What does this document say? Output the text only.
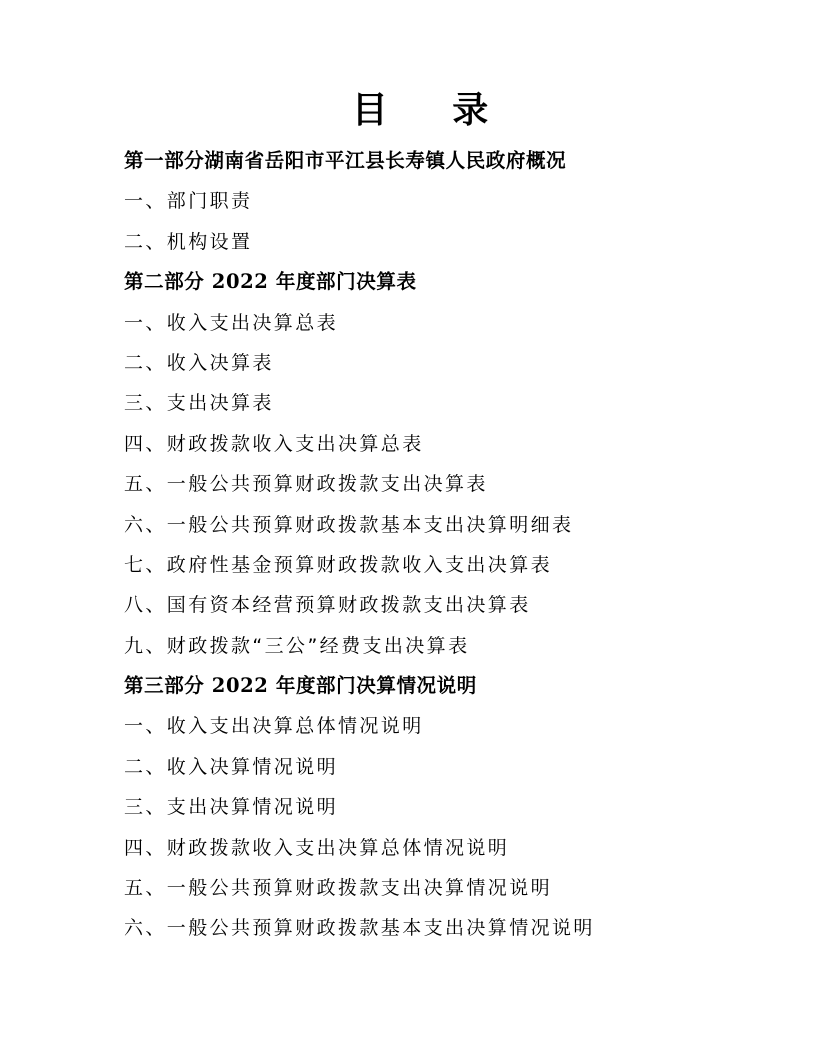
目 录
第一部分湖南省岳阳市平江县长寿镇人民政府概况
一、部门职责
二、机构设置
第二部分 2022 年度部门决算表
一、收入支出决算总表
二、收入决算表
三、支出决算表
四、财政拨款收入支出决算总表
五、一般公共预算财政拨款支出决算表
六、一般公共预算财政拨款基本支出决算明细表
七、政府性基金预算财政拨款收入支出决算表
八、国有资本经营预算财政拨款支出决算表
九、财政拨款“三公”经费支出决算表
第三部分 2022 年度部门决算情况说明
一、收入支出决算总体情况说明
二、收入决算情况说明
三、支出决算情况说明
四、财政拨款收入支出决算总体情况说明
五、一般公共预算财政拨款支出决算情况说明
六、一般公共预算财政拨款基本支出决算情况说明
